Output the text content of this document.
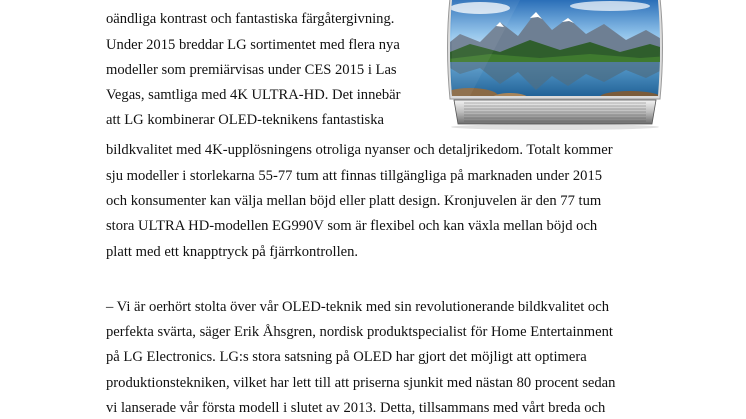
oändliga kontrast och fantastiska färgåtergivning.
Under 2015 breddar LG sortimentet med flera nya
modeller som premiärvisas under CES 2015 i Las
Vegas, samtliga med 4K ULTRA-HD. Det innebär
att LG kombinerar OLED-teknikens fantastiska
bildkvalitet med 4K-upplösningens otroliga nyanser och detaljrikedom. Totalt kommer
sju modeller i storlekarna 55-77 tum att finnas tillgängliga på marknaden under 2015
och konsumenter kan välja mellan böjd eller platt design. Kronjuvelen är den 77 tum
stora ULTRA HD-modellen EG990V som är flexibel och kan växla mellan böjd och
platt med ett knapptryck på fjärrkontrollen.
– Vi är oerhört stolta över vår OLED-teknik med sin revolutionerande bildkvalitet och
perfekta svärta, säger Erik Åhsgren, nordisk produktspecialist för Home Entertainment
på LG Electronics. LG:s stora satsning på OLED har gjort det möjligt att optimera
produktionstekniken, vilket har lett till att priserna sjunkit med nästan 80 procent sedan
vi lanserade vår första modell i slutet av 2013. Detta, tillsammans med vårt breda och
